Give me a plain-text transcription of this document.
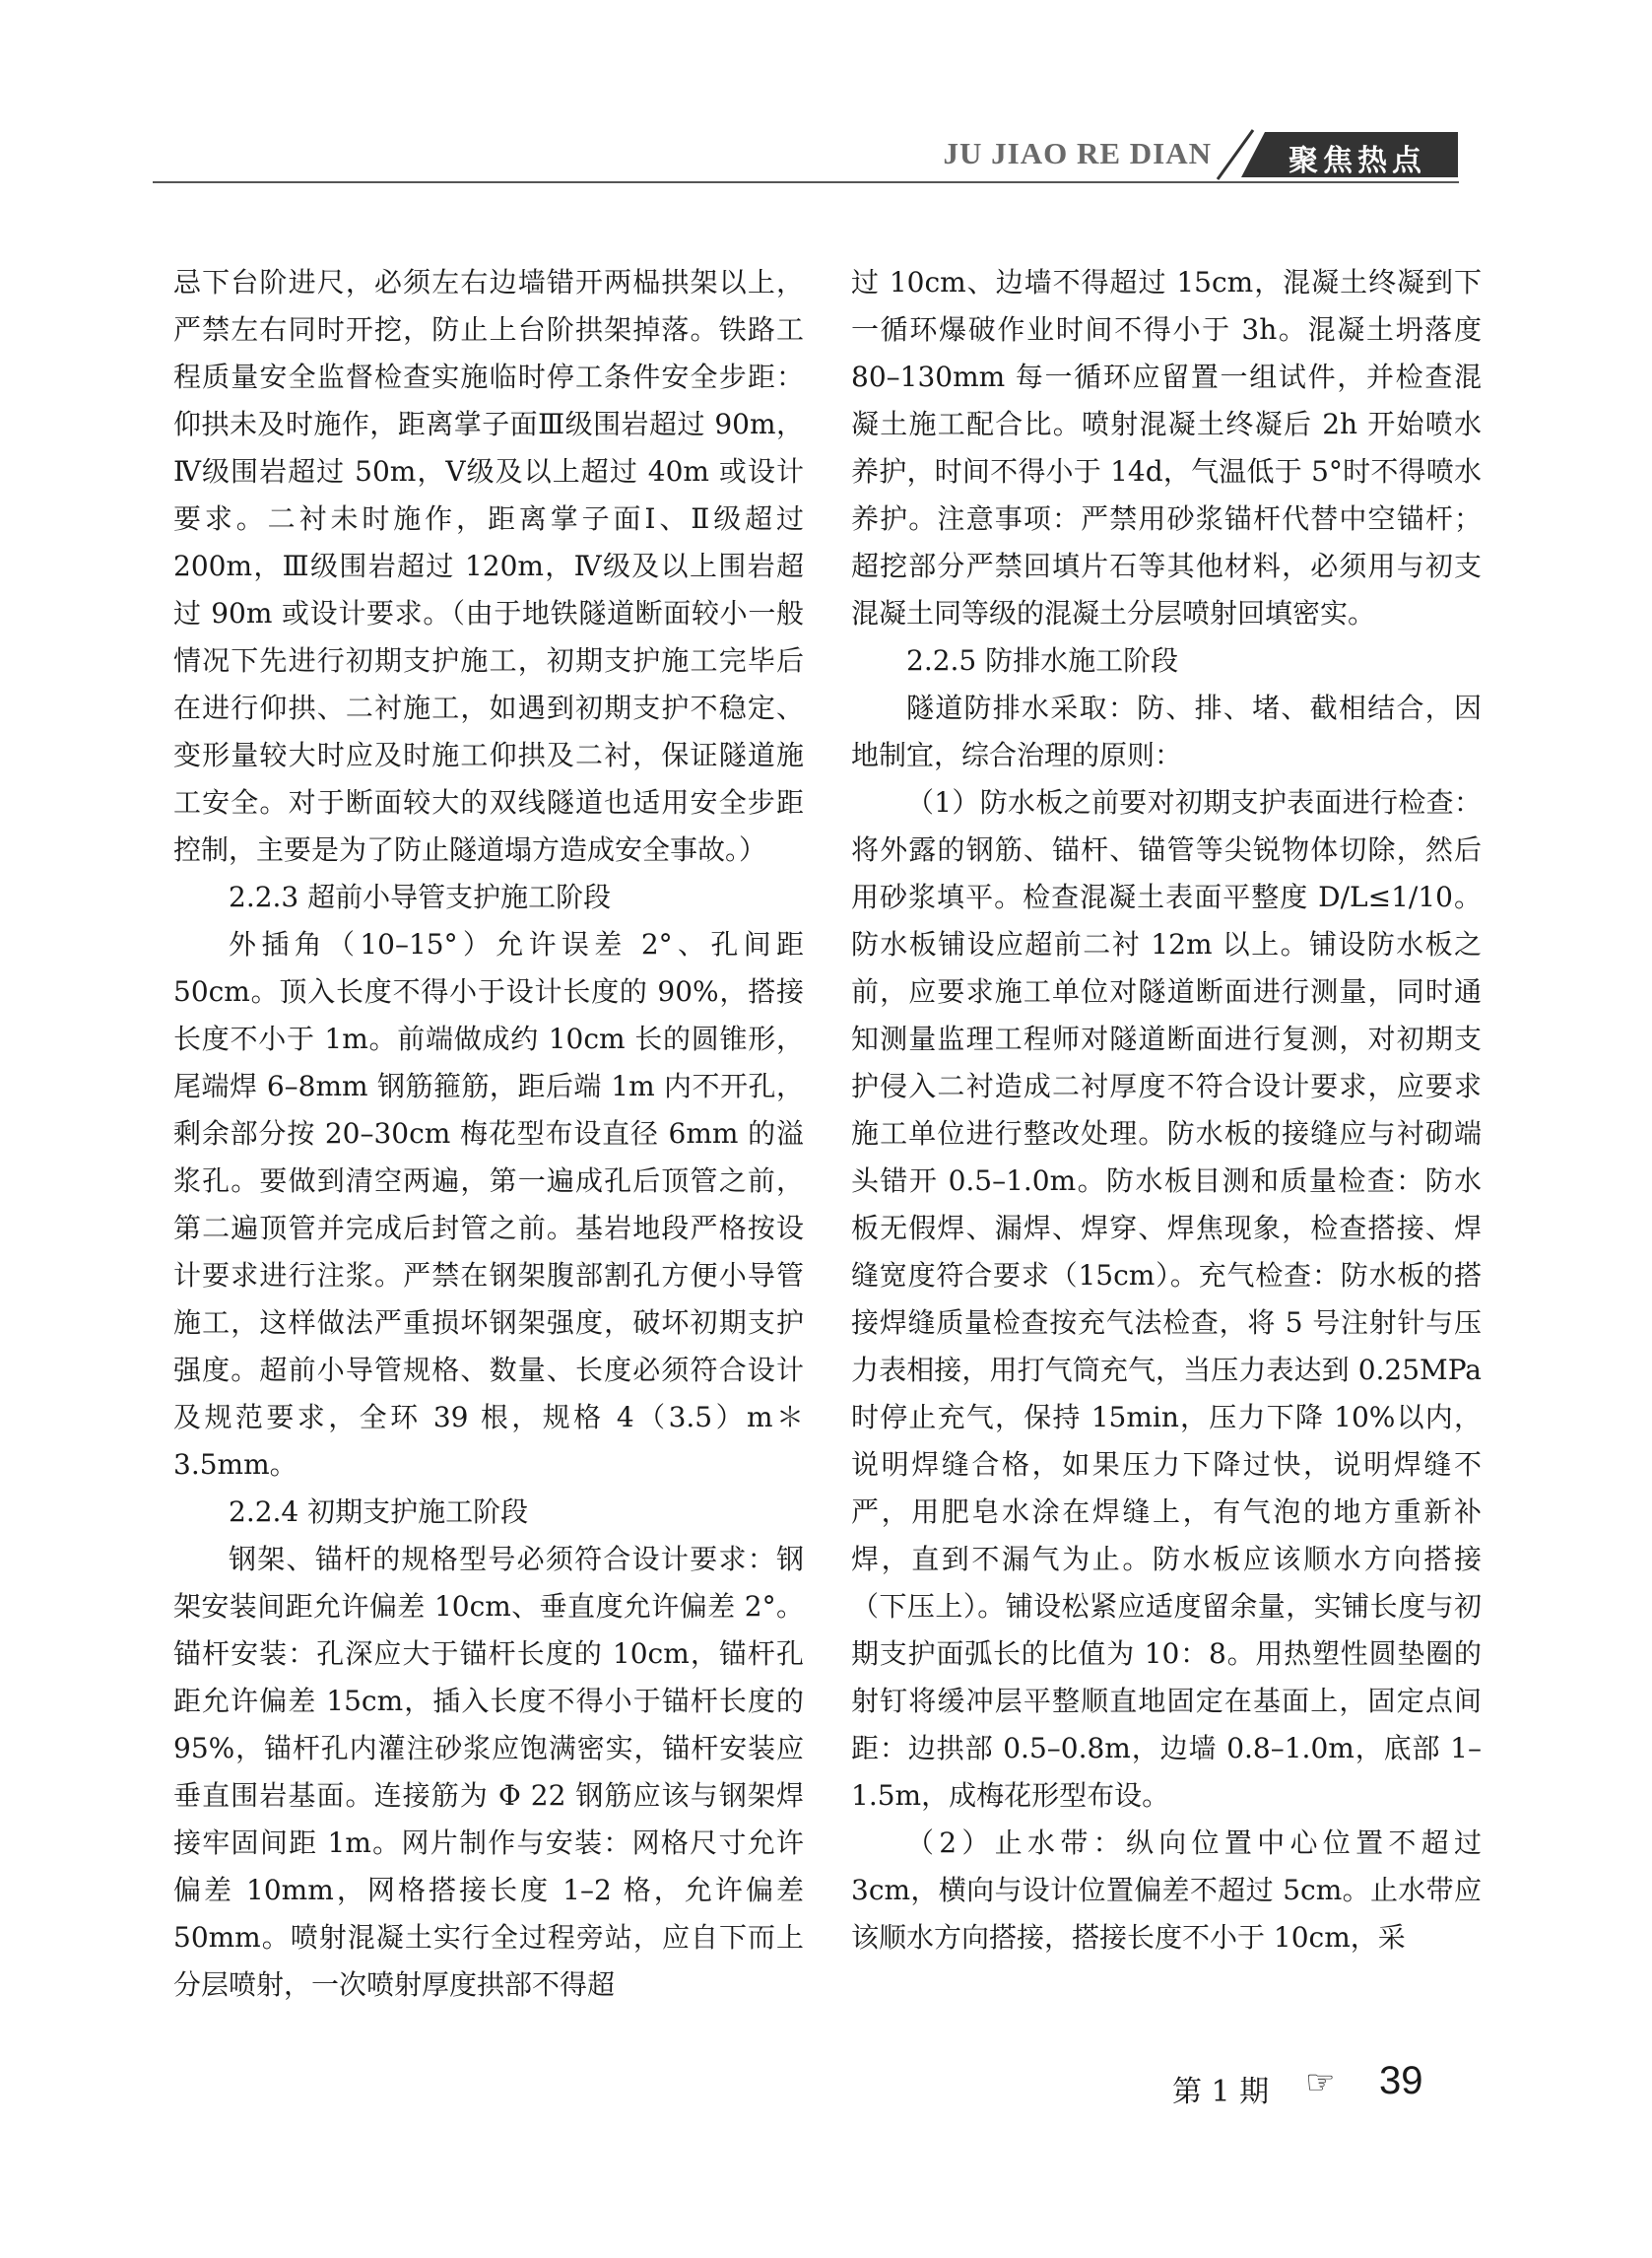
JU JIAO RE DIAN	聚焦热点

忌下台阶进尺，必须左右边墙错开两榀拱架以上，严禁左右同时开挖，防止上台阶拱架掉落。铁路工程质量安全监督检查实施临时停工条件安全步距：仰拱未及时施作，距离掌子面Ⅲ级围岩超过 90m，Ⅳ级围岩超过 50m，Ⅴ级及以上超过 40m 或设计要求。二衬未时施作，距离掌子面Ⅰ、Ⅱ级超过 200m，Ⅲ级围岩超过 120m，Ⅳ级及以上围岩超过 90m 或设计要求。（由于地铁隧道断面较小一般情况下先进行初期支护施工，初期支护施工完毕后在进行仰拱、二衬施工，如遇到初期支护不稳定、变形量较大时应及时施工仰拱及二衬，保证隧道施工安全。对于断面较大的双线隧道也适用安全步距控制，主要是为了防止隧道塌方造成安全事故。）

2.2.3 超前小导管支护施工阶段

外插角（10–15°）允许误差 2°、孔间距 50cm。顶入长度不得小于设计长度的 90%，搭接长度不小于 1m。前端做成约 10cm 长的圆锥形，尾端焊 6–8mm 钢筋箍筋，距后端 1m 内不开孔，剩余部分按 20–30cm 梅花型布设直径 6mm 的溢浆孔。要做到清空两遍，第一遍成孔后顶管之前，第二遍顶管并完成后封管之前。基岩地段严格按设计要求进行注浆。严禁在钢架腹部割孔方便小导管施工，这样做法严重损坏钢架强度，破坏初期支护强度。超前小导管规格、数量、长度必须符合设计及规范要求，全环 39 根，规格 4（3.5）m＊3.5mm。

2.2.4 初期支护施工阶段

钢架、锚杆的规格型号必须符合设计要求：钢架安装间距允许偏差 10cm、垂直度允许偏差 2°。锚杆安装：孔深应大于锚杆长度的 10cm，锚杆孔距允许偏差 15cm，插入长度不得小于锚杆长度的 95%，锚杆孔内灌注砂浆应饱满密实，锚杆安装应垂直围岩基面。连接筋为 Φ 22 钢筋应该与钢架焊接牢固间距 1m。网片制作与安装：网格尺寸允许偏差 10mm，网格搭接长度 1–2 格，允许偏差 50mm。喷射混凝土实行全过程旁站，应自下而上分层喷射，一次喷射厚度拱部不得超

过 10cm、边墙不得超过 15cm，混凝土终凝到下一循环爆破作业时间不得小于 3h。混凝土坍落度 80–130mm 每一循环应留置一组试件，并检查混凝土施工配合比。喷射混凝土终凝后 2h 开始喷水养护，时间不得小于 14d，气温低于 5°时不得喷水养护。注意事项：严禁用砂浆锚杆代替中空锚杆；超挖部分严禁回填片石等其他材料，必须用与初支混凝土同等级的混凝土分层喷射回填密实。

2.2.5 防排水施工阶段

隧道防排水采取：防、排、堵、截相结合，因地制宜，综合治理的原则：

（1）防水板之前要对初期支护表面进行检查：将外露的钢筋、锚杆、锚管等尖锐物体切除，然后用砂浆填平。检查混凝土表面平整度 D/L≤1/10。防水板铺设应超前二衬 12m 以上。铺设防水板之前，应要求施工单位对隧道断面进行测量，同时通知测量监理工程师对隧道断面进行复测，对初期支护侵入二衬造成二衬厚度不符合设计要求，应要求施工单位进行整改处理。防水板的接缝应与衬砌端头错开 0.5–1.0m。防水板目测和质量检查：防水板无假焊、漏焊、焊穿、焊焦现象，检查搭接、焊缝宽度符合要求（15cm）。充气检查：防水板的搭接焊缝质量检查按充气法检查，将 5 号注射针与压力表相接，用打气筒充气，当压力表达到 0.25MPa 时停止充气，保持 15min，压力下降 10%以内，说明焊缝合格，如果压力下降过快，说明焊缝不严，用肥皂水涂在焊缝上，有气泡的地方重新补焊，直到不漏气为止。防水板应该顺水方向搭接（下压上）。铺设松紧应适度留余量，实铺长度与初期支护面弧长的比值为 10：8。用热塑性圆垫圈的射钉将缓冲层平整顺直地固定在基面上，固定点间距：边拱部 0.5–0.8m，边墙 0.8–1.0m，底部 1–1.5m，成梅花形型布设。

（2）止水带：纵向位置中心位置不超过 3cm，横向与设计位置偏差不超过 5cm。止水带应该顺水方向搭接，搭接长度不小于 10cm，采

第 1 期 ☞ 39
